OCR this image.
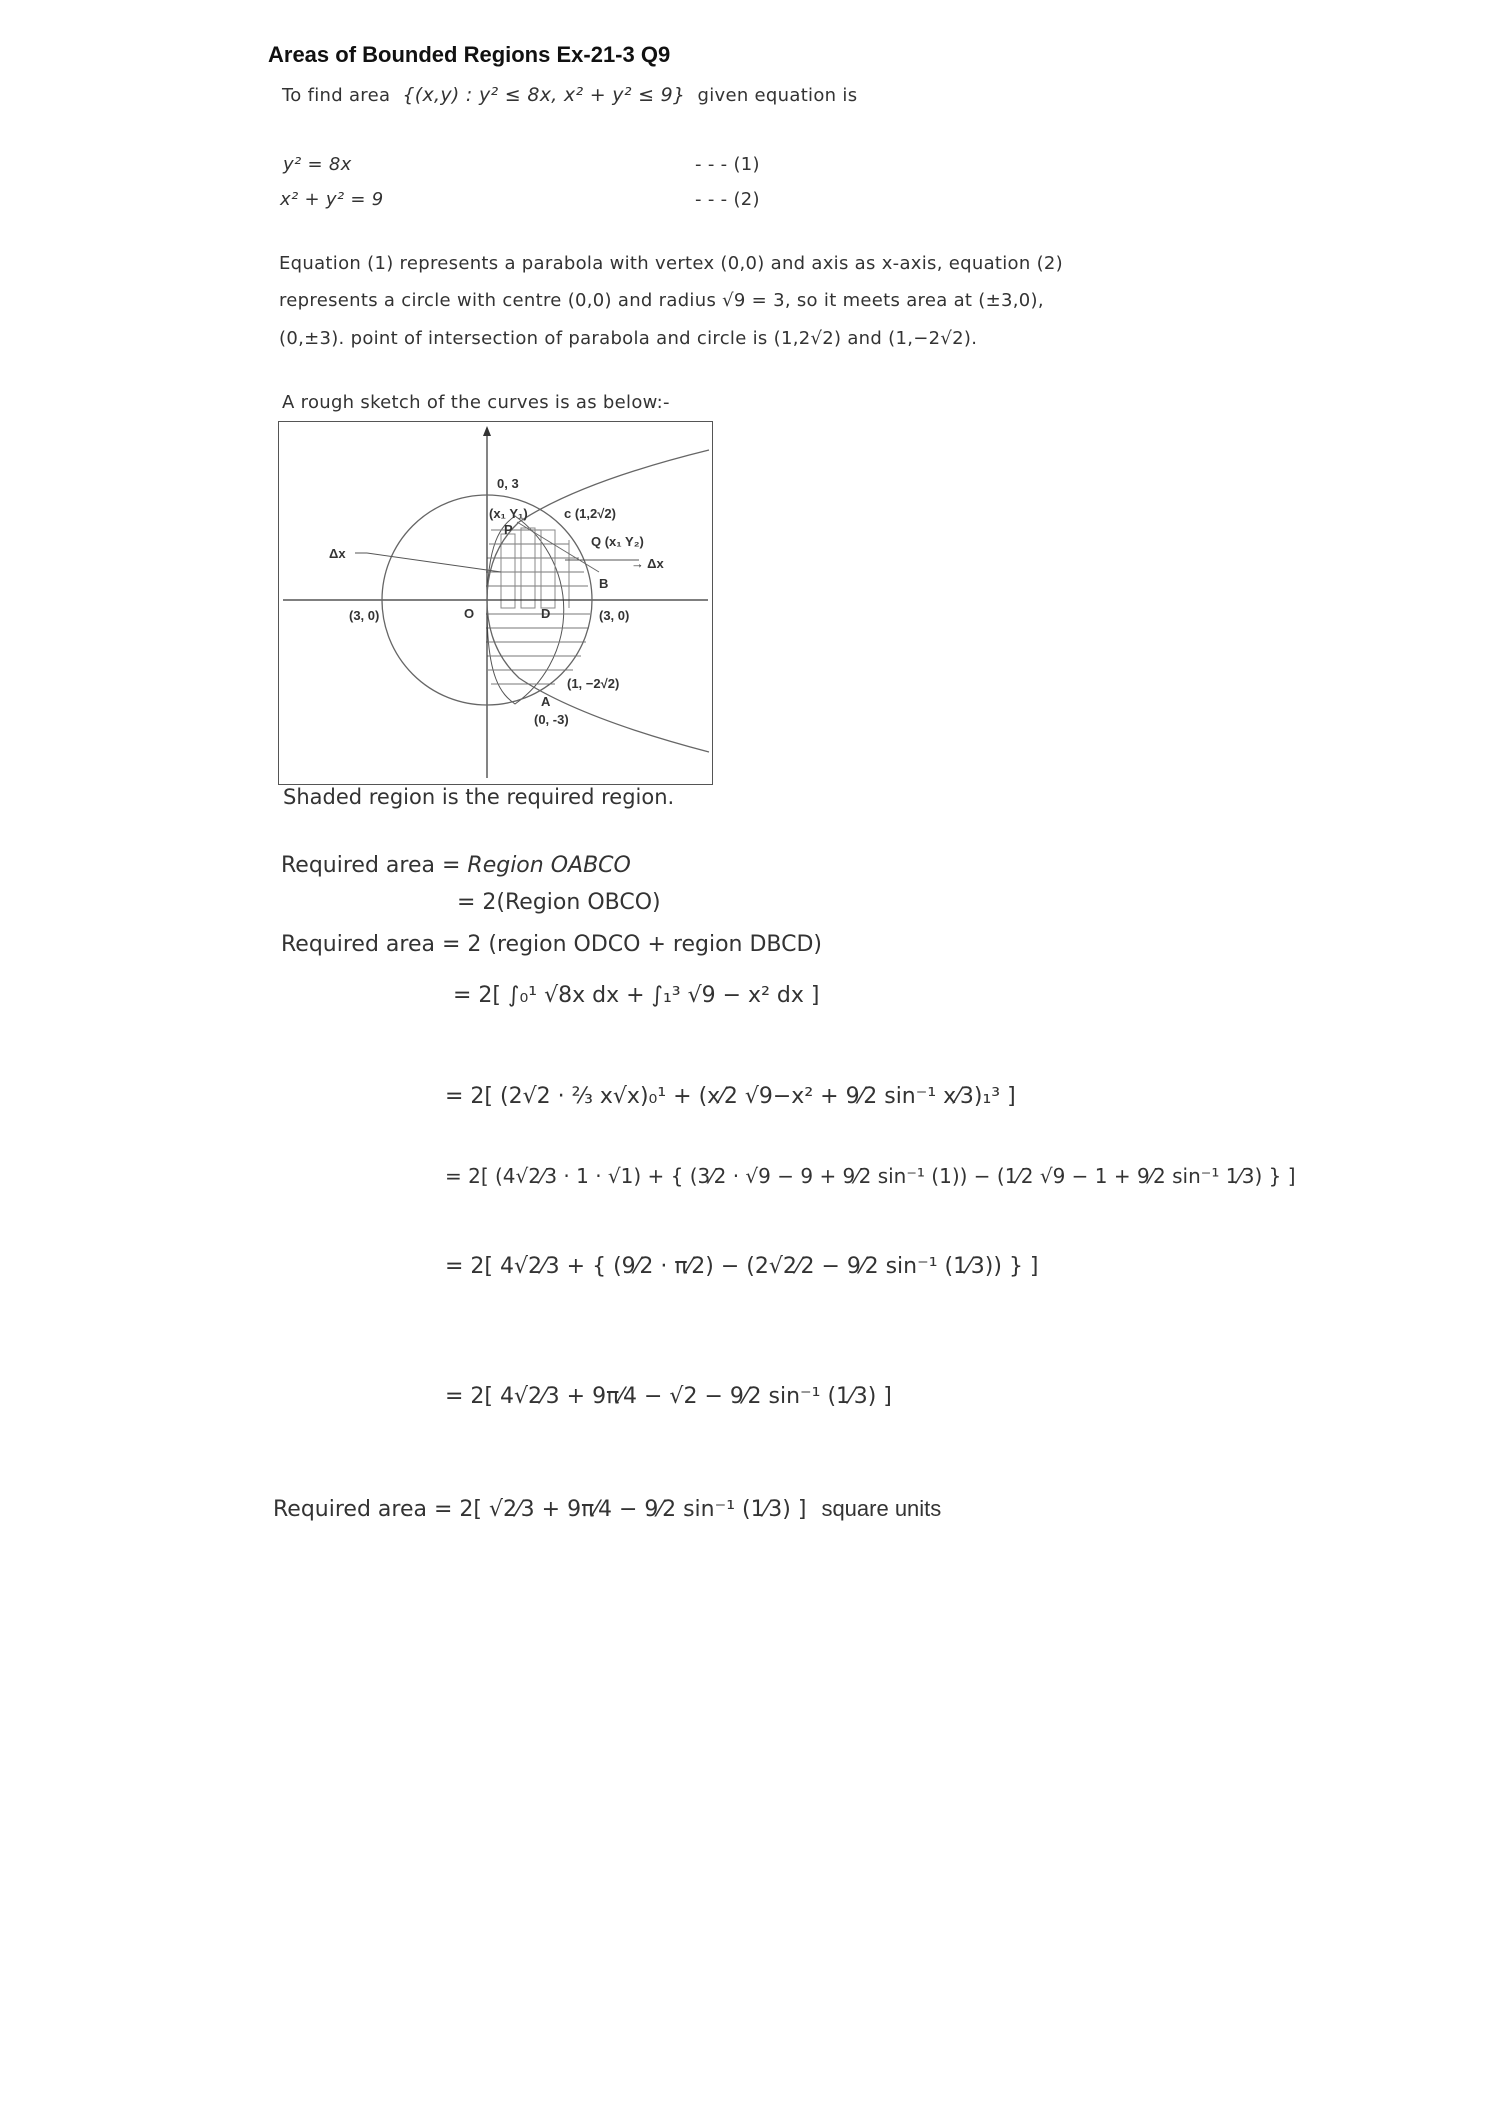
Areas of Bounded Regions Ex-21-3 Q9
To find area {(x,y) : y² ≤ 8x, x² + y² ≤ 9} given equation is
y² = 8x	- - - (1)
x² + y² = 9	- - - (2)
Equation (1) represents a parabola with vertex (0,0) and axis as x-axis, equation (2)
represents a circle with centre (0,0) and radius √9 = 3, so it meets area at (±3,0),
(0,±3). point of intersection of parabola and circle is (1,2√2) and (1,−2√2).
A rough sketch of the curves is as below:-
0, 3
(x₁ Y₁)
P
c (1,2√2)
Q (x₁ Y₂)
→ Δx
Δx
B
(3, 0)	O	D	(3, 0)
(1, −2√2)
A
(0, -3)
Shaded region is the required region.
Required area = Region OABCO
= 2(Region OBCO)
Required area = 2 (region ODCO + region DBCD)
= 2[ ∫₀¹ √8x dx + ∫₁³ √9 − x² dx ]
= 2[ (2√2 · ⅔ x√x)₀¹ + (x⁄2 √9−x² + 9⁄2 sin⁻¹ x⁄3)₁³ ]
= 2[ (4√2⁄3 · 1 · √1) + { (3⁄2 · √9 − 9 + 9⁄2 sin⁻¹ (1)) − (1⁄2 √9 − 1 + 9⁄2 sin⁻¹ 1⁄3) } ]
= 2[ 4√2⁄3 + { (9⁄2 · π⁄2) − (2√2⁄2 − 9⁄2 sin⁻¹ (1⁄3)) } ]
= 2[ 4√2⁄3 + 9π⁄4 − √2 − 9⁄2 sin⁻¹ (1⁄3) ]
Required area = 2[ √2⁄3 + 9π⁄4 − 9⁄2 sin⁻¹ (1⁄3) ] square units
